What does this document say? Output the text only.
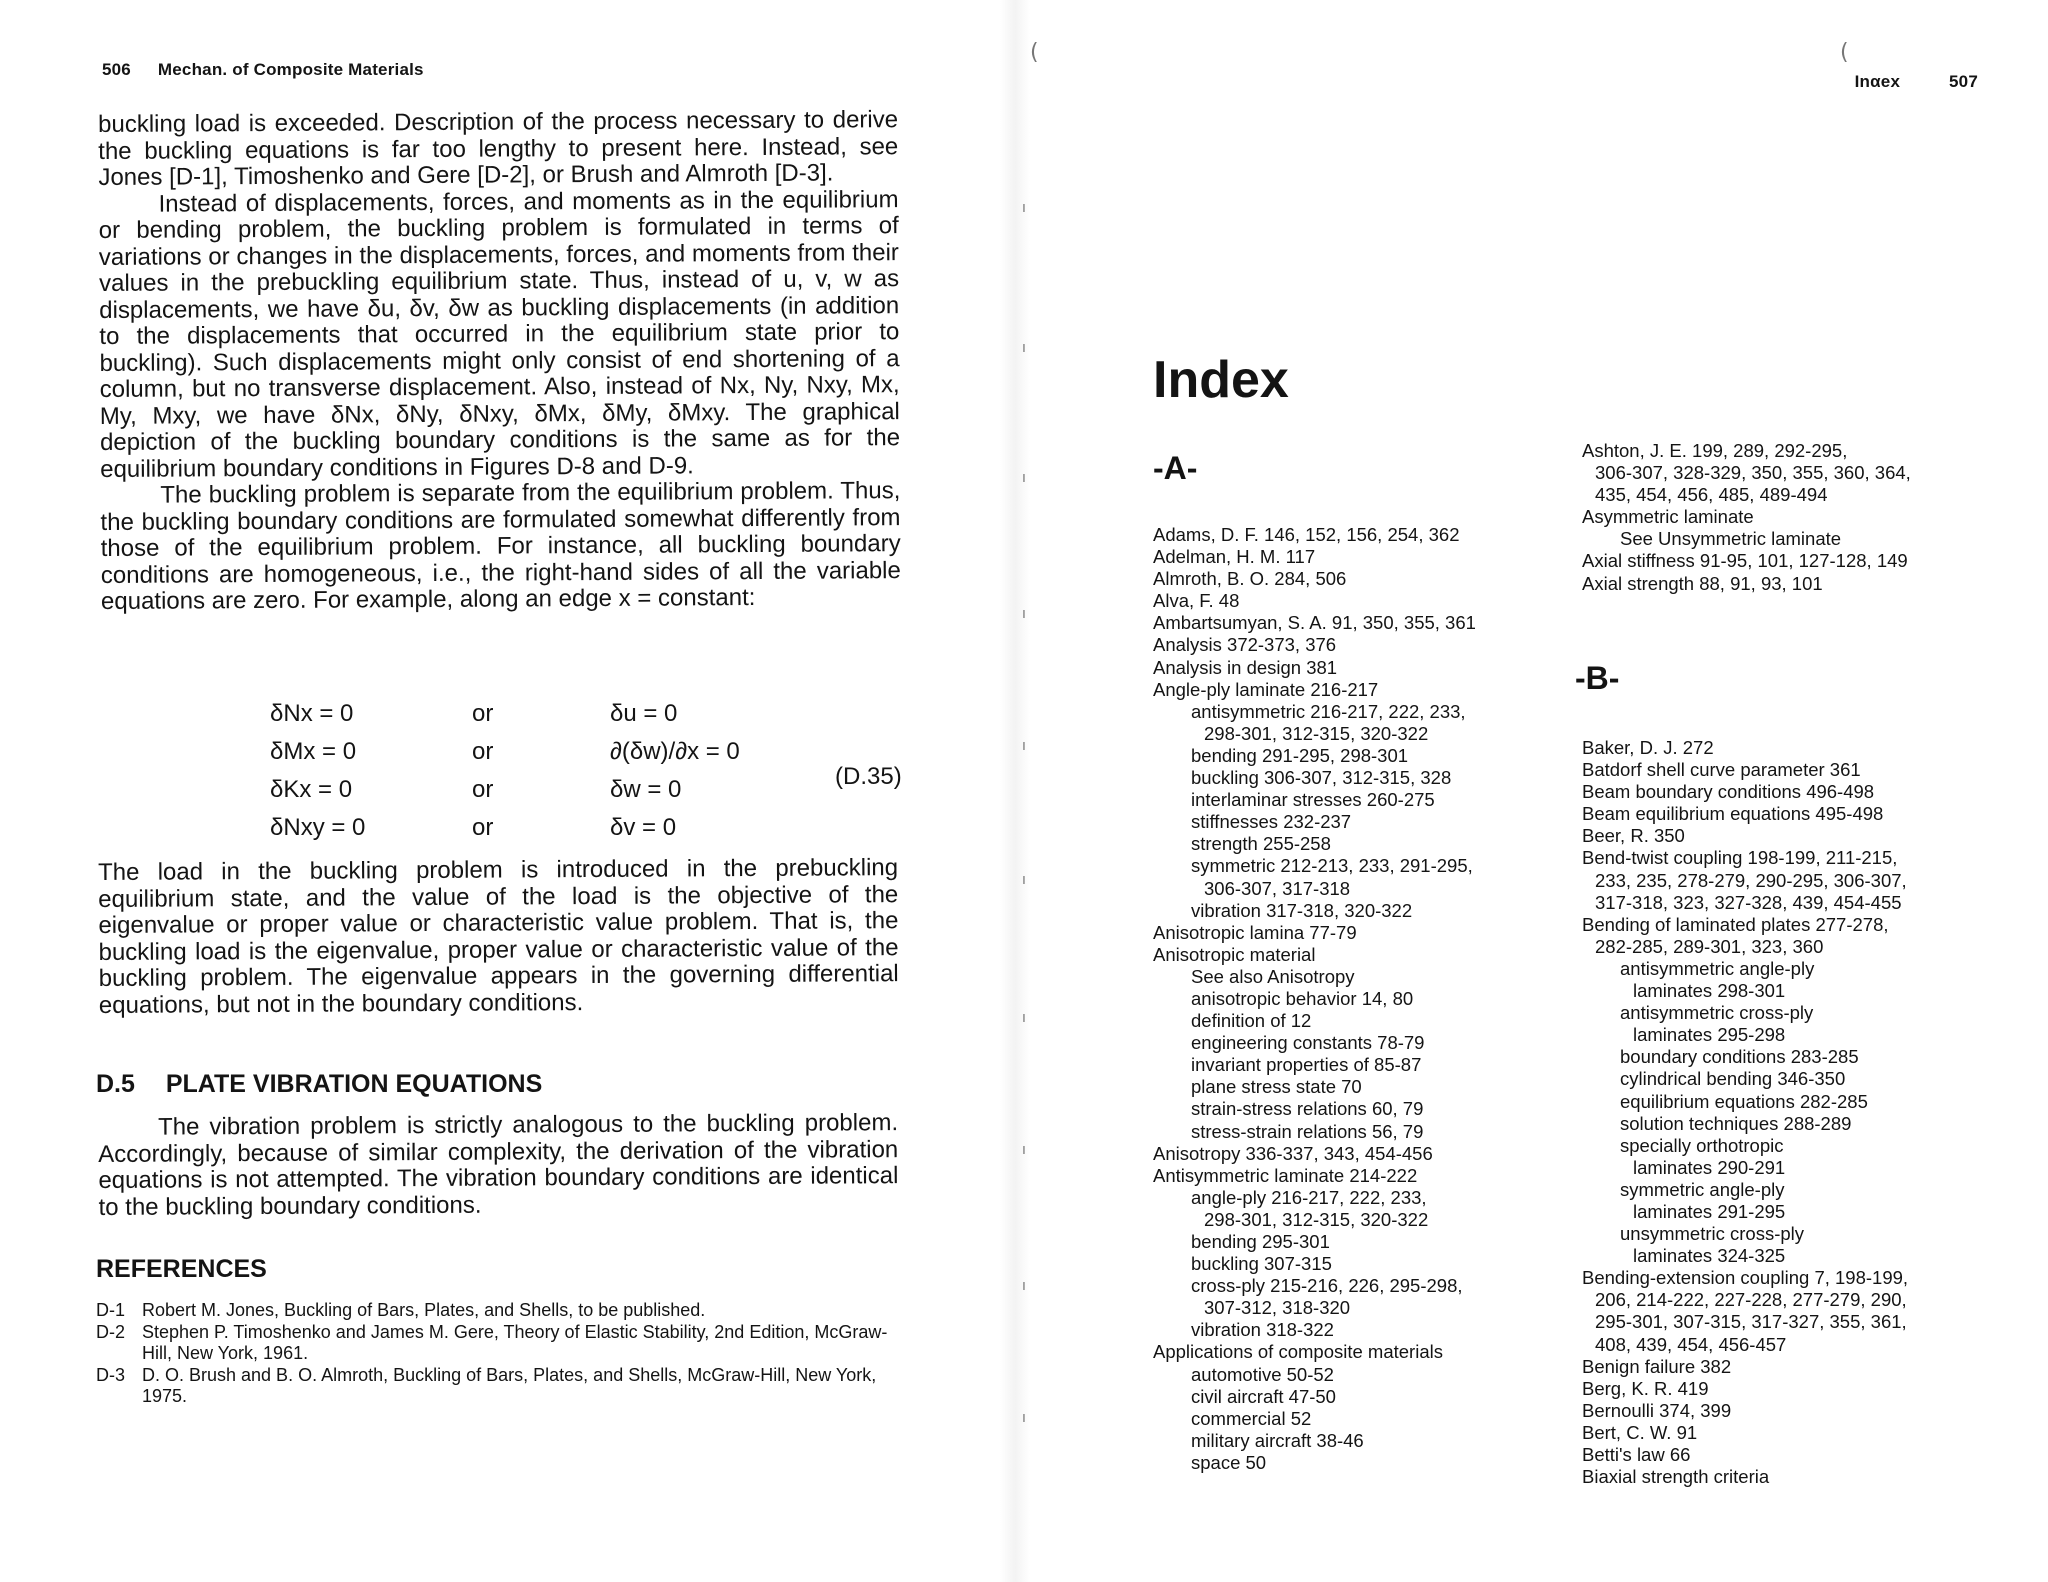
(
ı
ı
ı
ı
ı
ı
ı
ı
ı
ı
(
506 Mechan. of Composite Materials

buckling load is exceeded. Description of the process necessary to derive the buckling equations is far too lengthy to present here. Instead, see Jones [D-1], Timoshenko and Gere [D-2], or Brush and Almroth [D-3].

Instead of displacements, forces, and moments as in the equilibrium or bending problem, the buckling problem is formulated in terms of variations or changes in the displacements, forces, and moments from their values in the prebuckling equilibrium state. Thus, instead of u, v, w as displacements, we have δu, δv, δw as buckling displacements (in addition to the displacements that occurred in the equilibrium state prior to buckling). Such displacements might only consist of end shortening of a column, but no transverse displacement. Also, instead of Nx, Ny, Nxy, Mx, My, Mxy, we have δNx, δNy, δNxy, δMx, δMy, δMxy. The graphical depiction of the buckling boundary conditions is the same as for the equilibrium boundary conditions in Figures D-8 and D-9.

The buckling problem is separate from the equilibrium problem. Thus, the buckling boundary conditions are formulated somewhat differently from those of the equilibrium problem. For instance, all buckling boundary conditions are homogeneous, i.e., the right-hand sides of all the variable equations are zero. For example, along an edge x = constant:

δNx = 0	or	δu = 0
δMx = 0	or	∂(δw)/∂x = 0
δKx = 0	or	δw = 0
δNxy = 0	or	δv = 0
(D.35)

The load in the buckling problem is introduced in the prebuckling equilibrium state, and the value of the load is the objective of the eigenvalue or proper value or characteristic value problem. That is, the buckling load is the eigenvalue, proper value or characteristic value of the buckling problem. The eigenvalue appears in the governing differential equations, but not in the boundary conditions.

D.5 PLATE VIBRATION EQUATIONS

The vibration problem is strictly analogous to the buckling problem. Accordingly, because of similar complexity, the derivation of the vibration equations is not attempted. The vibration boundary conditions are identical to the buckling boundary conditions.

REFERENCES
D-1 Robert M. Jones, Buckling of Bars, Plates, and Shells, to be published.
D-2 Stephen P. Timoshenko and James M. Gere, Theory of Elastic Stability, 2nd Edition, McGraw-Hill, New York, 1961.
D-3 D. O. Brush and B. O. Almroth, Buckling of Bars, Plates, and Shells, McGraw-Hill, New York, 1975.
Inαex	507
Index
-A-
-B-
Adams, D. F. 146, 152, 156, 254, 362
Adelman, H. M. 117
Almroth, B. O. 284, 506
Alva, F. 48
Ambartsumyan, S. A. 91, 350, 355, 361
Analysis 372-373, 376
Analysis in design 381
Angle-ply laminate 216-217
antisymmetric 216-217, 222, 233,
298-301, 312-315, 320-322
bending 291-295, 298-301
buckling 306-307, 312-315, 328
interlaminar stresses 260-275
stiffnesses 232-237
strength 255-258
symmetric 212-213, 233, 291-295,
306-307, 317-318
vibration 317-318, 320-322
Anisotropic lamina 77-79
Anisotropic material
See also Anisotropy
anisotropic behavior 14, 80
definition of 12
engineering constants 78-79
invariant properties of 85-87
plane stress state 70
strain-stress relations 60, 79
stress-strain relations 56, 79
Anisotropy 336-337, 343, 454-456
Antisymmetric laminate 214-222
angle-ply 216-217, 222, 233,
298-301, 312-315, 320-322
bending 295-301
buckling 307-315
cross-ply 215-216, 226, 295-298,
307-312, 318-320
vibration 318-322
Applications of composite materials
automotive 50-52
civil aircraft 47-50
commercial 52
military aircraft 38-46
space 50
Ashton, J. E. 199, 289, 292-295,
306-307, 328-329, 350, 355, 360, 364,
435, 454, 456, 485, 489-494
Asymmetric laminate
See Unsymmetric laminate
Axial stiffness 91-95, 101, 127-128, 149
Axial strength 88, 91, 93, 101
Baker, D. J. 272
Batdorf shell curve parameter 361
Beam boundary conditions 496-498
Beam equilibrium equations 495-498
Beer, R. 350
Bend-twist coupling 198-199, 211-215,
233, 235, 278-279, 290-295, 306-307,
317-318, 323, 327-328, 439, 454-455
Bending of laminated plates 277-278,
282-285, 289-301, 323, 360
antisymmetric angle-ply
laminates 298-301
antisymmetric cross-ply
laminates 295-298
boundary conditions 283-285
cylindrical bending 346-350
equilibrium equations 282-285
solution techniques 288-289
specially orthotropic
laminates 290-291
symmetric angle-ply
laminates 291-295
unsymmetric cross-ply
laminates 324-325
Bending-extension coupling 7, 198-199,
206, 214-222, 227-228, 277-279, 290,
295-301, 307-315, 317-327, 355, 361,
408, 439, 454, 456-457
Benign failure 382
Berg, K. R. 419
Bernoulli 374, 399
Bert, C. W. 91
Betti's law 66
Biaxial strength criteria
